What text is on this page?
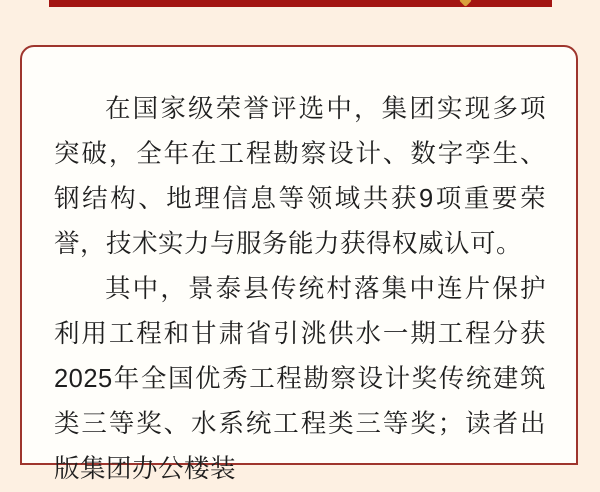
在国家级荣誉评选中，集团实现多项突破，全年在工程勘察设计、数字孪生、钢结构、地理信息等领域共获9项重要荣誉，技术实力与服务能力获得权威认可。

其中，景泰县传统村落集中连片保护利用工程和甘肃省引洮供水一期工程分获2025年全国优秀工程勘察设计奖传统建筑类三等奖、水系统工程类三等奖；读者出版集团办公楼装
